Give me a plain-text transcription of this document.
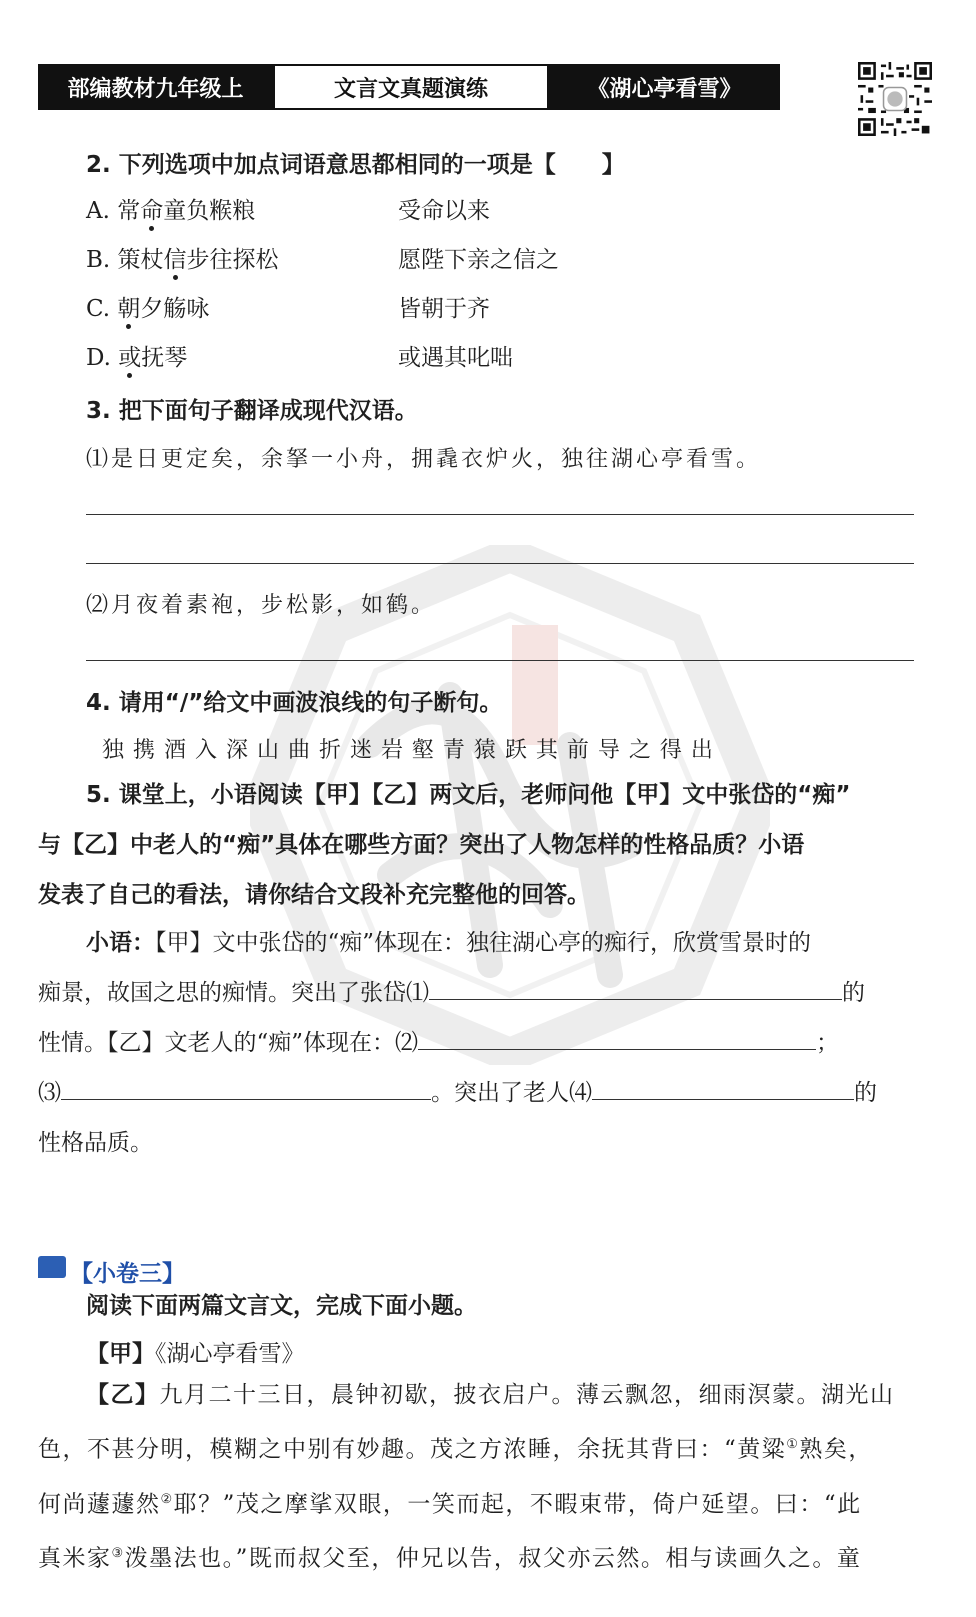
部编教材九年级上	文言文真题演练	《湖心亭看雪》
2. 下列选项中加点词语意思都相同的一项是【　　】
A. 常命童负糇粮	受命以来
B. 策杖信步往探松	愿陛下亲之信之
C. 朝夕觞咏	皆朝于齐
D. 或抚琴	或遇其叱咄
3. 把下面句子翻译成现代汉语。
⑴是日更定矣，余拏一小舟，拥毳衣炉火，独往湖心亭看雪。
⑵月夜着素袍，步松影，如鹤。
4. 请用“/”给文中画波浪线的句子断句。
独 携 酒 入 深 山 曲 折 迷 岩 壑 青 猿 跃 其 前 导 之 得 出
5. 课堂上，小语阅读【甲】【乙】两文后，老师问他【甲】文中张岱的“痴”
与【乙】中老人的“痴”具体在哪些方面？突出了人物怎样的性格品质？小语
发表了自己的看法，请你结合文段补充完整他的回答。
小语：【甲】文中张岱的“痴”体现在：独往湖心亭的痴行，欣赏雪景时的
痴景，故国之思的痴情。突出了张岱⑴	的
性情。【乙】文老人的“痴”体现在：⑵	；
⑶	。突出了老人⑷	的
性格品质。
【小卷三】
阅读下面两篇文言文，完成下面小题。
【甲】《湖心亭看雪》
【乙】九月二十三日，晨钟初歇，披衣启户。薄云飘忽，细雨溟蒙。湖光山
色，不甚分明，模糊之中别有妙趣。茂之方浓睡，余抚其背曰：“黄粱①熟矣，
何尚蘧蘧然②耶？”茂之摩挲双眼，一笑而起，不暇束带，倚户延望。曰：“此
真米家③泼墨法也。”既而叔父至，仲兄以告，叔父亦云然。相与读画久之。童
